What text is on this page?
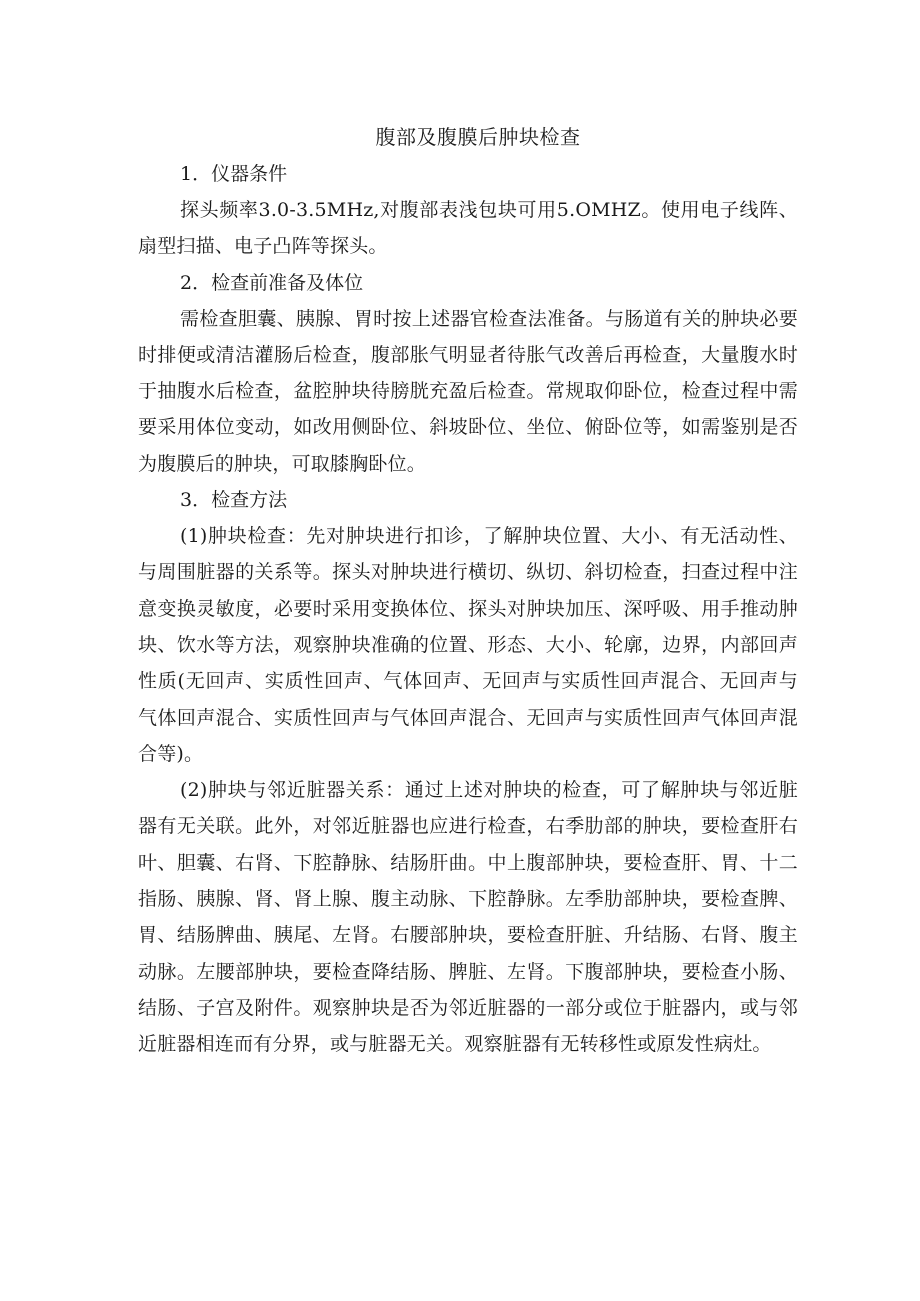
腹部及腹膜后肿块检查

1．仪器条件

探头频率3.0-3.5MHz,对腹部表浅包块可用5.OMHZ。使用电子线阵、扇型扫描、电子凸阵等探头。

2．检查前准备及体位

需检查胆囊、胰腺、胃时按上述器官检查法准备。与肠道有关的肿块必要时排便或清洁灌肠后检查，腹部胀气明显者待胀气改善后再检查，大量腹水时于抽腹水后检查，盆腔肿块待膀胱充盈后检查。常规取仰卧位，检查过程中需要采用体位变动，如改用侧卧位、斜坡卧位、坐位、俯卧位等，如需鉴别是否为腹膜后的肿块，可取膝胸卧位。

3．检查方法

(1)肿块检查：先对肿块进行扣诊，了解肿块位置、大小、有无活动性、与周围脏器的关系等。探头对肿块进行横切、纵切、斜切检查，扫查过程中注意变换灵敏度，必要时采用变换体位、探头对肿块加压、深呼吸、用手推动肿块、饮水等方法，观察肿块准确的位置、形态、大小、轮廓，边界，内部回声性质(无回声、实质性回声、气体回声、无回声与实质性回声混合、无回声与气体回声混合、实质性回声与气体回声混合、无回声与实质性回声气体回声混合等)。

(2)肿块与邻近脏器关系：通过上述对肿块的检查，可了解肿块与邻近脏器有无关联。此外，对邻近脏器也应进行检查，右季肋部的肿块，要检查肝右叶、胆囊、右肾、下腔静脉、结肠肝曲。中上腹部肿块，要检查肝、胃、十二指肠、胰腺、肾、肾上腺、腹主动脉、下腔静脉。左季肋部肿块，要检查脾、胃、结肠脾曲、胰尾、左肾。右腰部肿块，要检查肝脏、升结肠、右肾、腹主动脉。左腰部肿块，要检查降结肠、脾脏、左肾。下腹部肿块，要检查小肠、结肠、子宫及附件。观察肿块是否为邻近脏器的一部分或位于脏器内，或与邻近脏器相连而有分界，或与脏器无关。观察脏器有无转移性或原发性病灶。
